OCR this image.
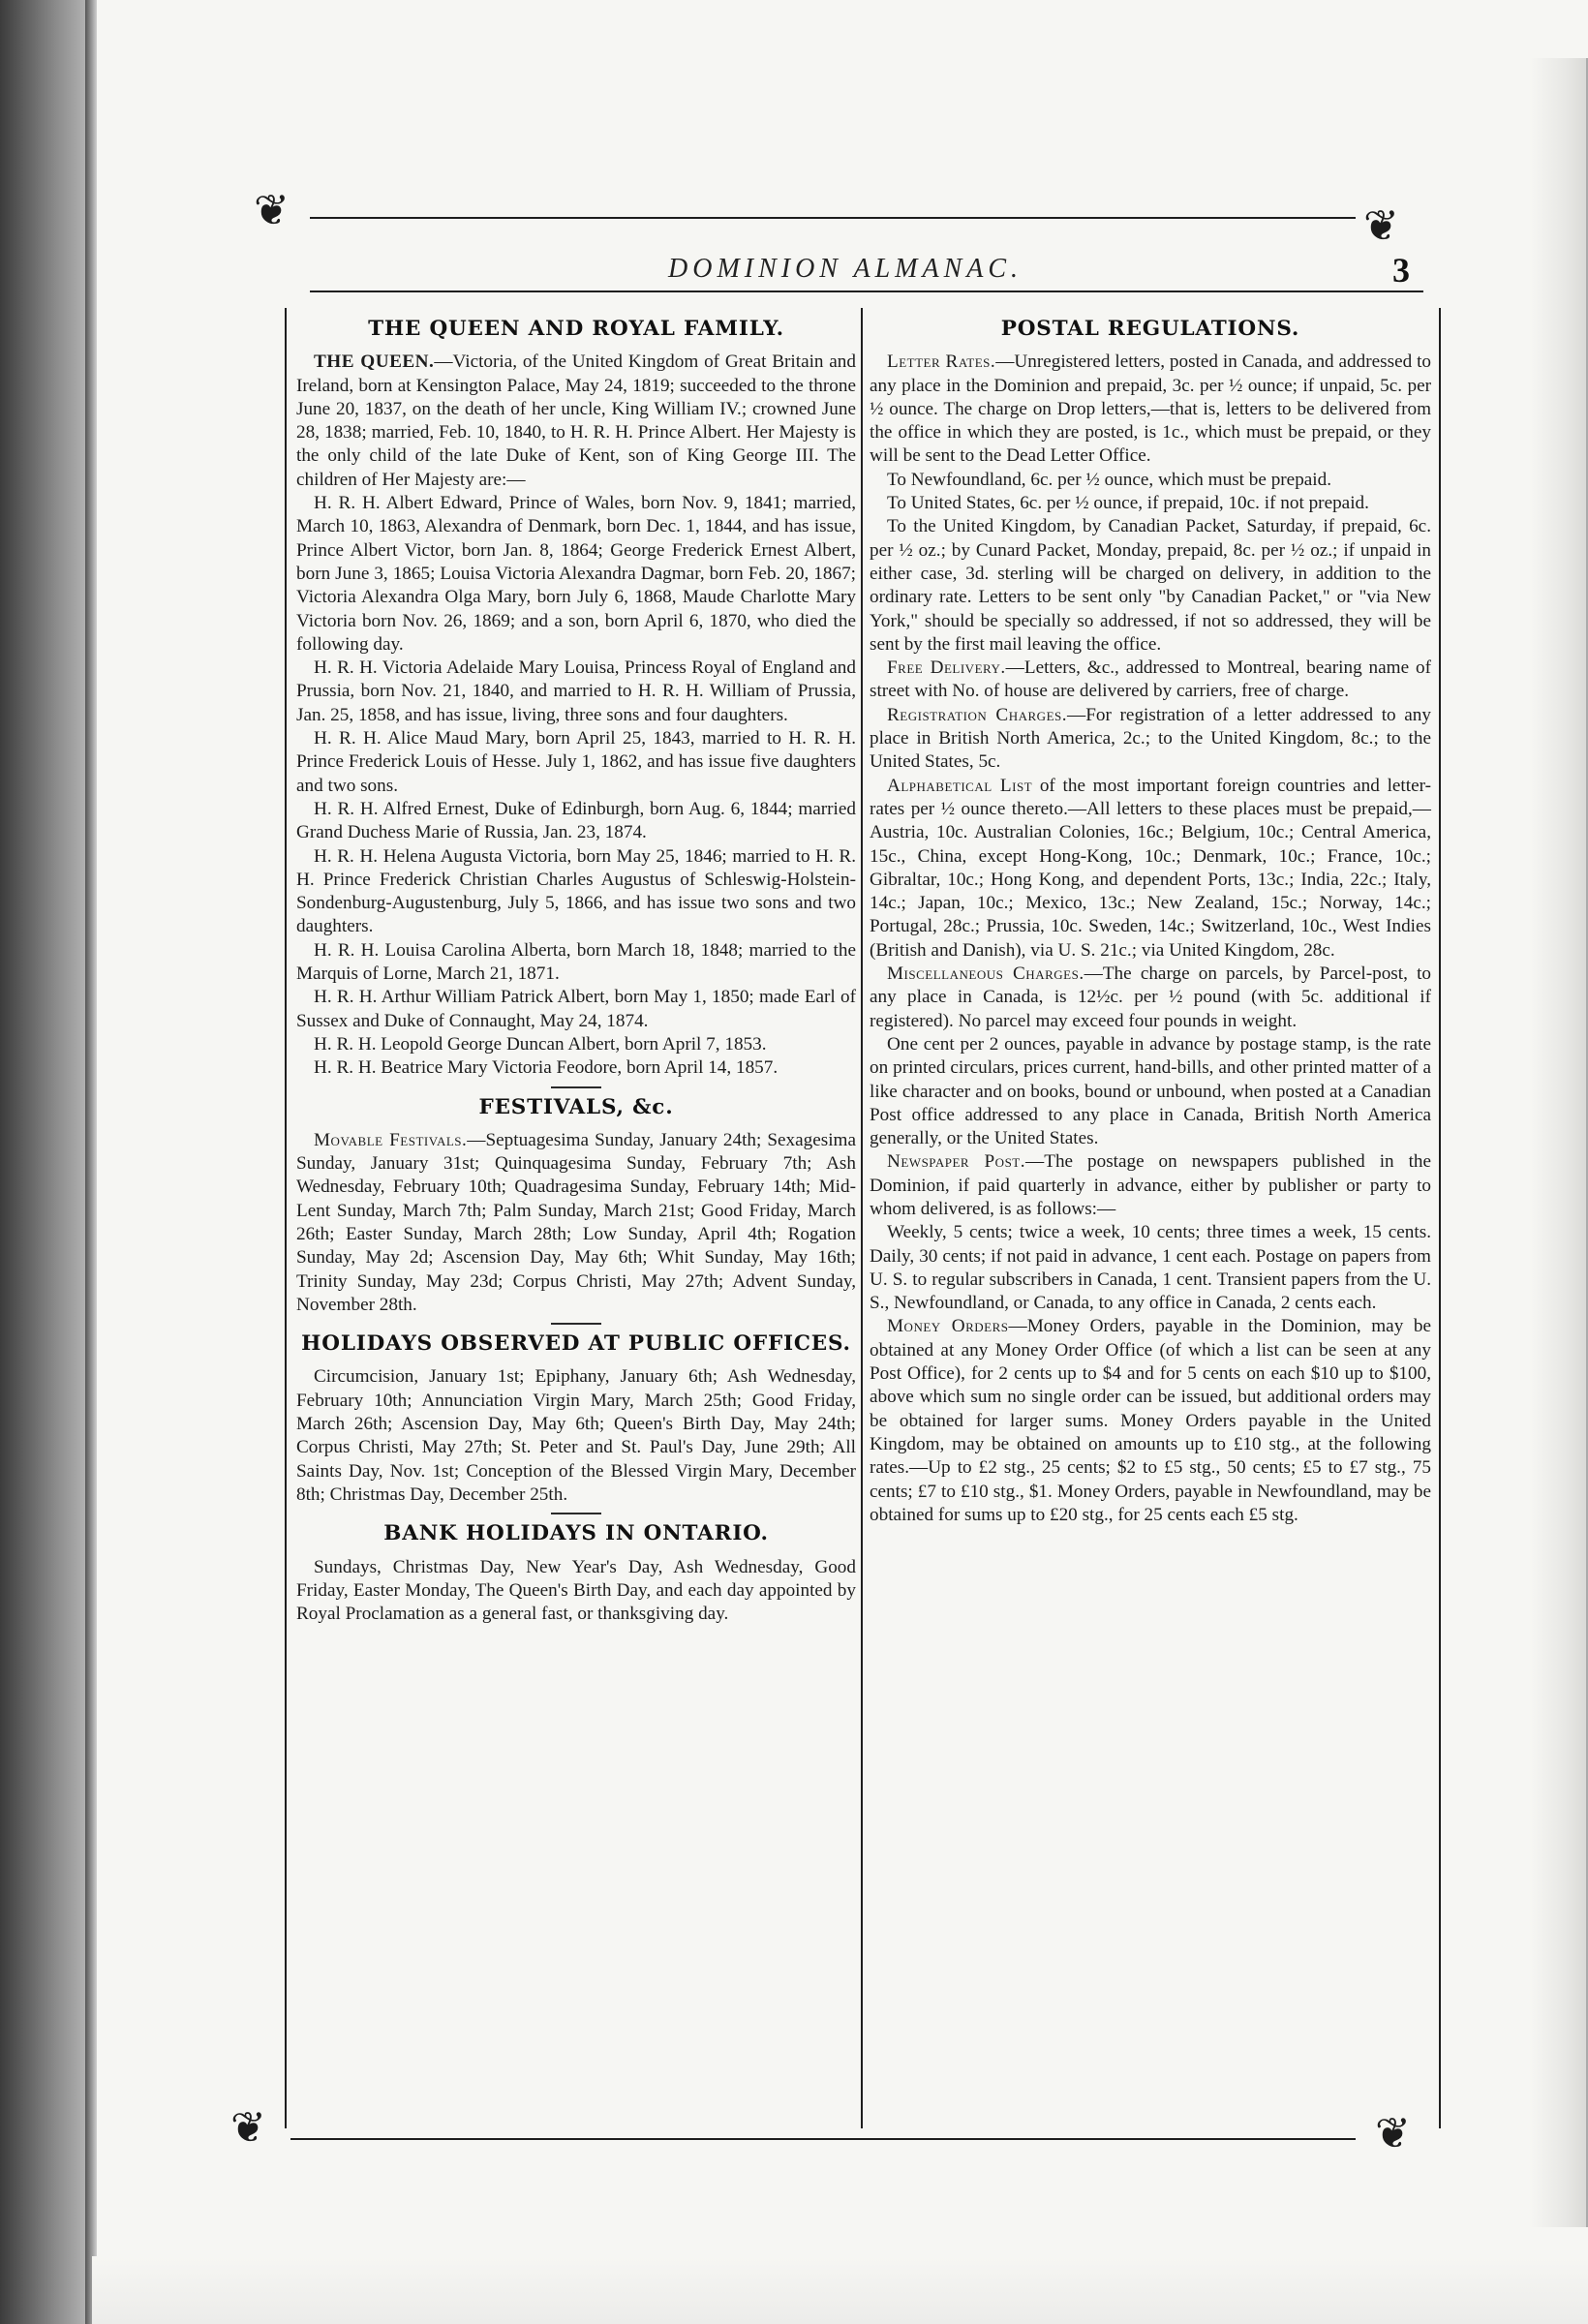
❦	❦
DOMINION ALMANAC.	3
❦	❦
THE QUEEN AND ROYAL FAMILY.

THE QUEEN.—Victoria, of the United Kingdom of Great Britain and Ireland, born at Kensington Palace, May 24, 1819; succeeded to the throne June 20, 1837, on the death of her uncle, King William IV.; crowned June 28, 1838; married, Feb. 10, 1840, to H. R. H. Prince Albert. Her Majesty is the only child of the late Duke of Kent, son of King George III. The children of Her Majesty are:—

H. R. H. Albert Edward, Prince of Wales, born Nov. 9, 1841; married, March 10, 1863, Alexandra of Denmark, born Dec. 1, 1844, and has issue, Prince Albert Victor, born Jan. 8, 1864; George Frederick Ernest Albert, born June 3, 1865; Louisa Victoria Alexandra Dagmar, born Feb. 20, 1867; Victoria Alexandra Olga Mary, born July 6, 1868, Maude Charlotte Mary Victoria born Nov. 26, 1869; and a son, born April 6, 1870, who died the following day.

H. R. H. Victoria Adelaide Mary Louisa, Princess Royal of England and Prussia, born Nov. 21, 1840, and married to H. R. H. William of Prussia, Jan. 25, 1858, and has issue, living, three sons and four daughters.

H. R. H. Alice Maud Mary, born April 25, 1843, married to H. R. H. Prince Frederick Louis of Hesse. July 1, 1862, and has issue five daughters and two sons.

H. R. H. Alfred Ernest, Duke of Edinburgh, born Aug. 6, 1844; married Grand Duchess Marie of Russia, Jan. 23, 1874.

H. R. H. Helena Augusta Victoria, born May 25, 1846; married to H. R. H. Prince Frederick Christian Charles Augustus of Schleswig-Holstein-Sondenburg-Augustenburg, July 5, 1866, and has issue two sons and two daughters.

H. R. H. Louisa Carolina Alberta, born March 18, 1848; married to the Marquis of Lorne, March 21, 1871.

H. R. H. Arthur William Patrick Albert, born May 1, 1850; made Earl of Sussex and Duke of Connaught, May 24, 1874.

H. R. H. Leopold George Duncan Albert, born April 7, 1853.

H. R. H. Beatrice Mary Victoria Feodore, born April 14, 1857.

FESTIVALS, &c.

Movable Festivals.—Septuagesima Sunday, January 24th; Sexagesima Sunday, January 31st; Quinquagesima Sunday, February 7th; Ash Wednesday, February 10th; Quadragesima Sunday, February 14th; Mid-Lent Sunday, March 7th; Palm Sunday, March 21st; Good Friday, March 26th; Easter Sunday, March 28th; Low Sunday, April 4th; Rogation Sunday, May 2d; Ascension Day, May 6th; Whit Sunday, May 16th; Trinity Sunday, May 23d; Corpus Christi, May 27th; Advent Sunday, November 28th.

HOLIDAYS OBSERVED AT PUBLIC OFFICES.

Circumcision, January 1st; Epiphany, January 6th; Ash Wednesday, February 10th; Annunciation Virgin Mary, March 25th; Good Friday, March 26th; Ascension Day, May 6th; Queen's Birth Day, May 24th; Corpus Christi, May 27th; St. Peter and St. Paul's Day, June 29th; All Saints Day, Nov. 1st; Conception of the Blessed Virgin Mary, December 8th; Christmas Day, December 25th.

BANK HOLIDAYS IN ONTARIO.

Sundays, Christmas Day, New Year's Day, Ash Wednesday, Good Friday, Easter Monday, The Queen's Birth Day, and each day appointed by Royal Proclamation as a general fast, or thanksgiving day.

POSTAL REGULATIONS.

Letter Rates.—Unregistered letters, posted in Canada, and addressed to any place in the Dominion and prepaid, 3c. per ½ ounce; if unpaid, 5c. per ½ ounce. The charge on Drop letters,—that is, letters to be delivered from the office in which they are posted, is 1c., which must be prepaid, or they will be sent to the Dead Letter Office.

To Newfoundland, 6c. per ½ ounce, which must be prepaid.

To United States, 6c. per ½ ounce, if prepaid, 10c. if not prepaid.

To the United Kingdom, by Canadian Packet, Saturday, if prepaid, 6c. per ½ oz.; by Cunard Packet, Monday, prepaid, 8c. per ½ oz.; if unpaid in either case, 3d. sterling will be charged on delivery, in addition to the ordinary rate. Letters to be sent only "by Canadian Packet," or "via New York," should be specially so addressed, if not so addressed, they will be sent by the first mail leaving the office.

Free Delivery.—Letters, &c., addressed to Montreal, bearing name of street with No. of house are delivered by carriers, free of charge.

Registration Charges.—For registration of a letter addressed to any place in British North America, 2c.; to the United Kingdom, 8c.; to the United States, 5c.

Alphabetical List of the most important foreign countries and letter-rates per ½ ounce thereto.—All letters to these places must be prepaid,—Austria, 10c. Australian Colonies, 16c.; Belgium, 10c.; Central America, 15c., China, except Hong-Kong, 10c.; Denmark, 10c.; France, 10c.; Gibraltar, 10c.; Hong Kong, and dependent Ports, 13c.; India, 22c.; Italy, 14c.; Japan, 10c.; Mexico, 13c.; New Zealand, 15c.; Norway, 14c.; Portugal, 28c.; Prussia, 10c. Sweden, 14c.; Switzerland, 10c., West Indies (British and Danish), via U. S. 21c.; via United Kingdom, 28c.

Miscellaneous Charges.—The charge on parcels, by Parcel-post, to any place in Canada, is 12½c. per ½ pound (with 5c. additional if registered). No parcel may exceed four pounds in weight.

One cent per 2 ounces, payable in advance by postage stamp, is the rate on printed circulars, prices current, hand-bills, and other printed matter of a like character and on books, bound or unbound, when posted at a Canadian Post office addressed to any place in Canada, British North America generally, or the United States.

Newspaper Post.—The postage on newspapers published in the Dominion, if paid quarterly in advance, either by publisher or party to whom delivered, is as follows:—

Weekly, 5 cents; twice a week, 10 cents; three times a week, 15 cents. Daily, 30 cents; if not paid in advance, 1 cent each. Postage on papers from U. S. to regular subscribers in Canada, 1 cent. Transient papers from the U. S., Newfoundland, or Canada, to any office in Canada, 2 cents each.

Money Orders—Money Orders, payable in the Dominion, may be obtained at any Money Order Office (of which a list can be seen at any Post Office), for 2 cents up to $4 and for 5 cents on each $10 up to $100, above which sum no single order can be issued, but additional orders may be obtained for larger sums. Money Orders payable in the United Kingdom, may be obtained on amounts up to £10 stg., at the following rates.—Up to £2 stg., 25 cents; $2 to £5 stg., 50 cents; £5 to £7 stg., 75 cents; £7 to £10 stg., $1. Money Orders, payable in Newfoundland, may be obtained for sums up to £20 stg., for 25 cents each £5 stg.
